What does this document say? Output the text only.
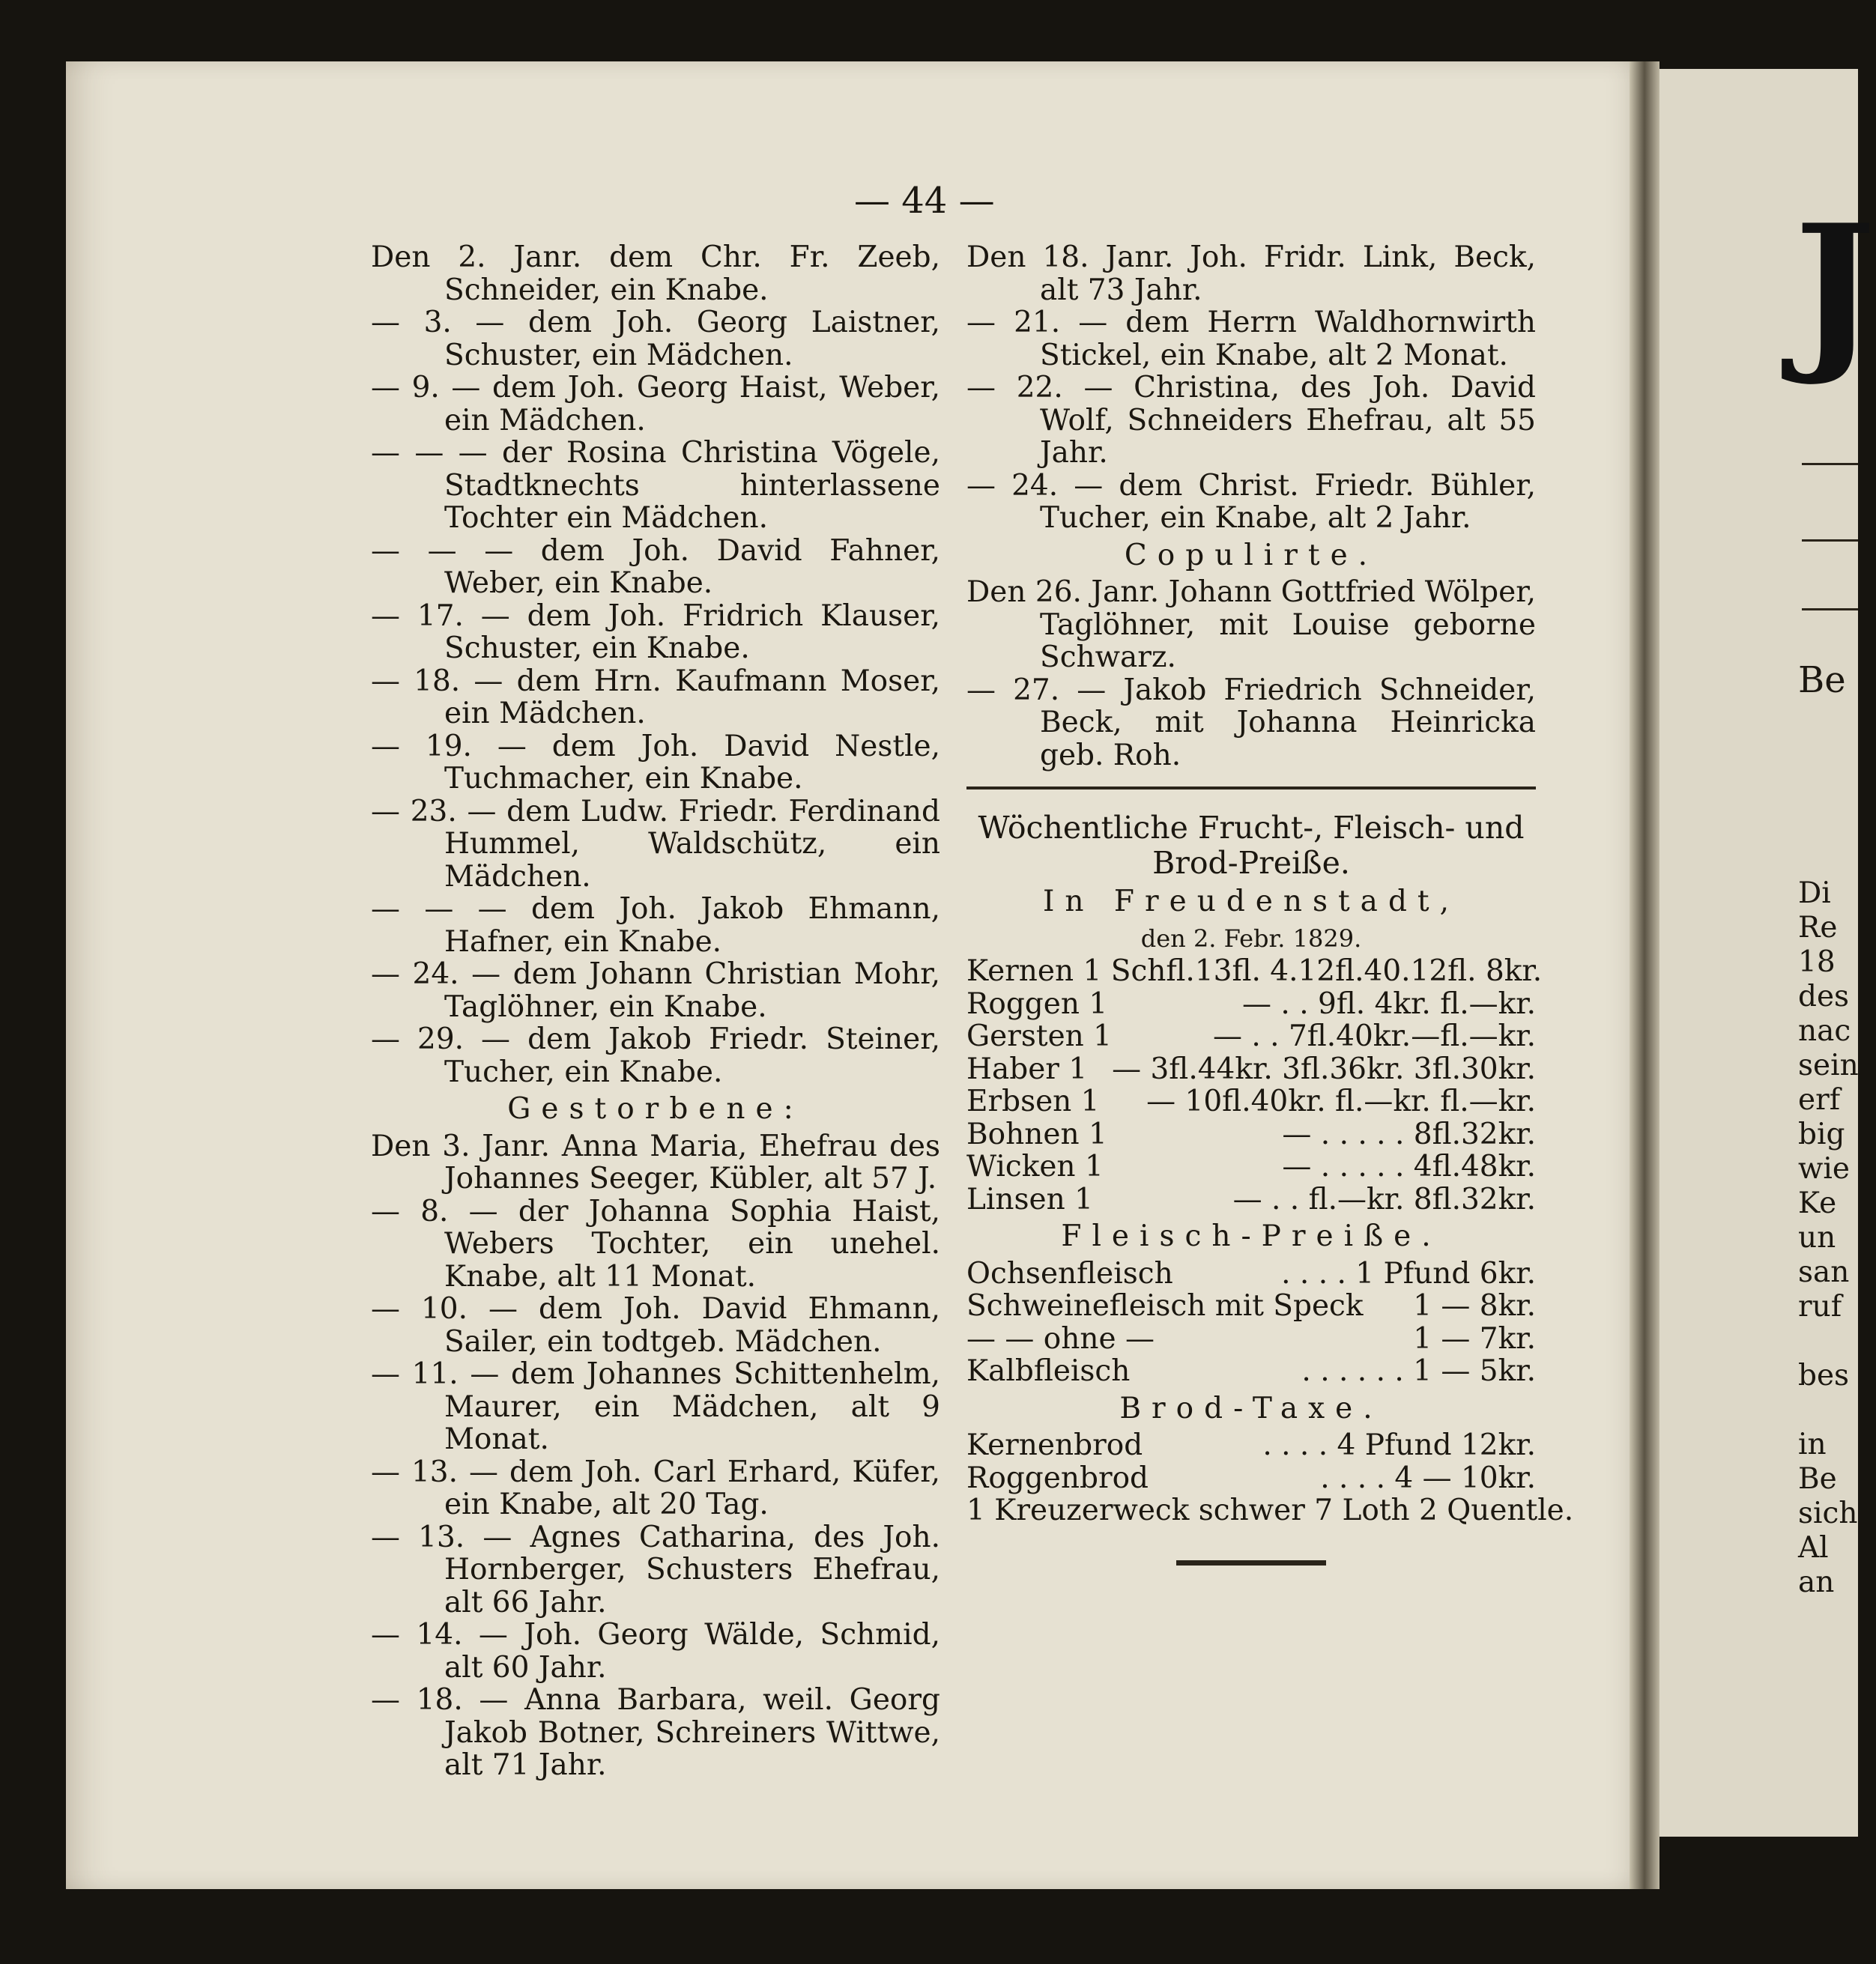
— 44 —

Den 2. Janr. dem Chr. Fr. Zeeb, Schneider, ein Knabe.

— 3. — dem Joh. Georg Laistner, Schuster, ein Mädchen.

— 9. — dem Joh. Georg Haist, Weber, ein Mädchen.

— — — der Rosina Christina Vögele, Stadtknechts hinterlassene Tochter ein Mädchen.

— — — dem Joh. David Fahner, Weber, ein Knabe.

— 17. — dem Joh. Fridrich Klauser, Schuster, ein Knabe.

— 18. — dem Hrn. Kaufmann Moser, ein Mädchen.

— 19. — dem Joh. David Nestle, Tuchmacher, ein Knabe.

— 23. — dem Ludw. Friedr. Ferdinand Hummel, Waldschütz, ein Mädchen.

— — — dem Joh. Jakob Ehmann, Hafner, ein Knabe.

— 24. — dem Johann Christian Mohr, Taglöhner, ein Knabe.

— 29. — dem Jakob Friedr. Steiner, Tucher, ein Knabe.

Gestorbene:

Den 3. Janr. Anna Maria, Ehefrau des Johannes Seeger, Kübler, alt 57 J.

— 8. — der Johanna Sophia Haist, Webers Tochter, ein unehel. Knabe, alt 11 Monat.

— 10. — dem Joh. David Ehmann, Sailer, ein todtgeb. Mädchen.

— 11. — dem Johannes Schittenhelm, Maurer, ein Mädchen, alt 9 Monat.

— 13. — dem Joh. Carl Erhard, Küfer, ein Knabe, alt 20 Tag.

— 13. — Agnes Catharina, des Joh. Hornberger, Schusters Ehefrau, alt 66 Jahr.

— 14. — Joh. Georg Wälde, Schmid, alt 60 Jahr.

— 18. — Anna Barbara, weil. Georg Jakob Botner, Schreiners Wittwe, alt 71 Jahr.

Den 18. Janr. Joh. Fridr. Link, Beck, alt 73 Jahr.

— 21. — dem Herrn Waldhornwirth Stickel, ein Knabe, alt 2 Monat.

— 22. — Christina, des Joh. David Wolf, Schneiders Ehefrau, alt 55 Jahr.

— 24. — dem Christ. Friedr. Bühler, Tucher, ein Knabe, alt 2 Jahr.

Copulirte.

Den 26. Janr. Johann Gottfried Wölper, Taglöhner, mit Louise geborne Schwarz.

— 27. — Jakob Friedrich Schneider, Beck, mit Johanna Heinricka geb. Roh.

Wöchentliche Frucht-, Fleisch- und

Brod-Preiße.

In Freudenstadt,

den 2. Febr. 1829.

Kernen 1 Schfl. 13fl. 4.12fl.40.12fl. 8kr.
Roggen 1	— . . 9fl. 4kr. fl.—kr.
Gersten 1	— . . 7fl.40kr.—fl.—kr.
Haber 1 — 3fl.44kr. 3fl.36kr. 3fl.30kr.
Erbsen 1 — 10fl.40kr. fl.—kr. fl.—kr.
Bohnen 1	— . . . . . 8fl.32kr.
Wicken 1	— . . . . . 4fl.48kr.
Linsen 1	— . . fl.—kr. 8fl.32kr.

Fleisch-Preiße.

Ochsenfleisch	. . . . 1 Pfund 6kr.
Schweinefleisch mit Speck 1 — 8kr.
— — ohne —	1 — 7kr.
Kalbfleisch	. . . . . . 1 — 5kr.

Brod-Taxe.

Kernenbrod	. . . . 4 Pfund 12kr.
Roggenbrod	. . . . 4 — 10kr.
1 Kreuzerweck schwer 7 Loth 2 Quentle.
J
Be
Di
Re
18
des
nac
sein
erf
big
wie
Ke
un
san
ruf
bes
in
Be
sich
Al
an
